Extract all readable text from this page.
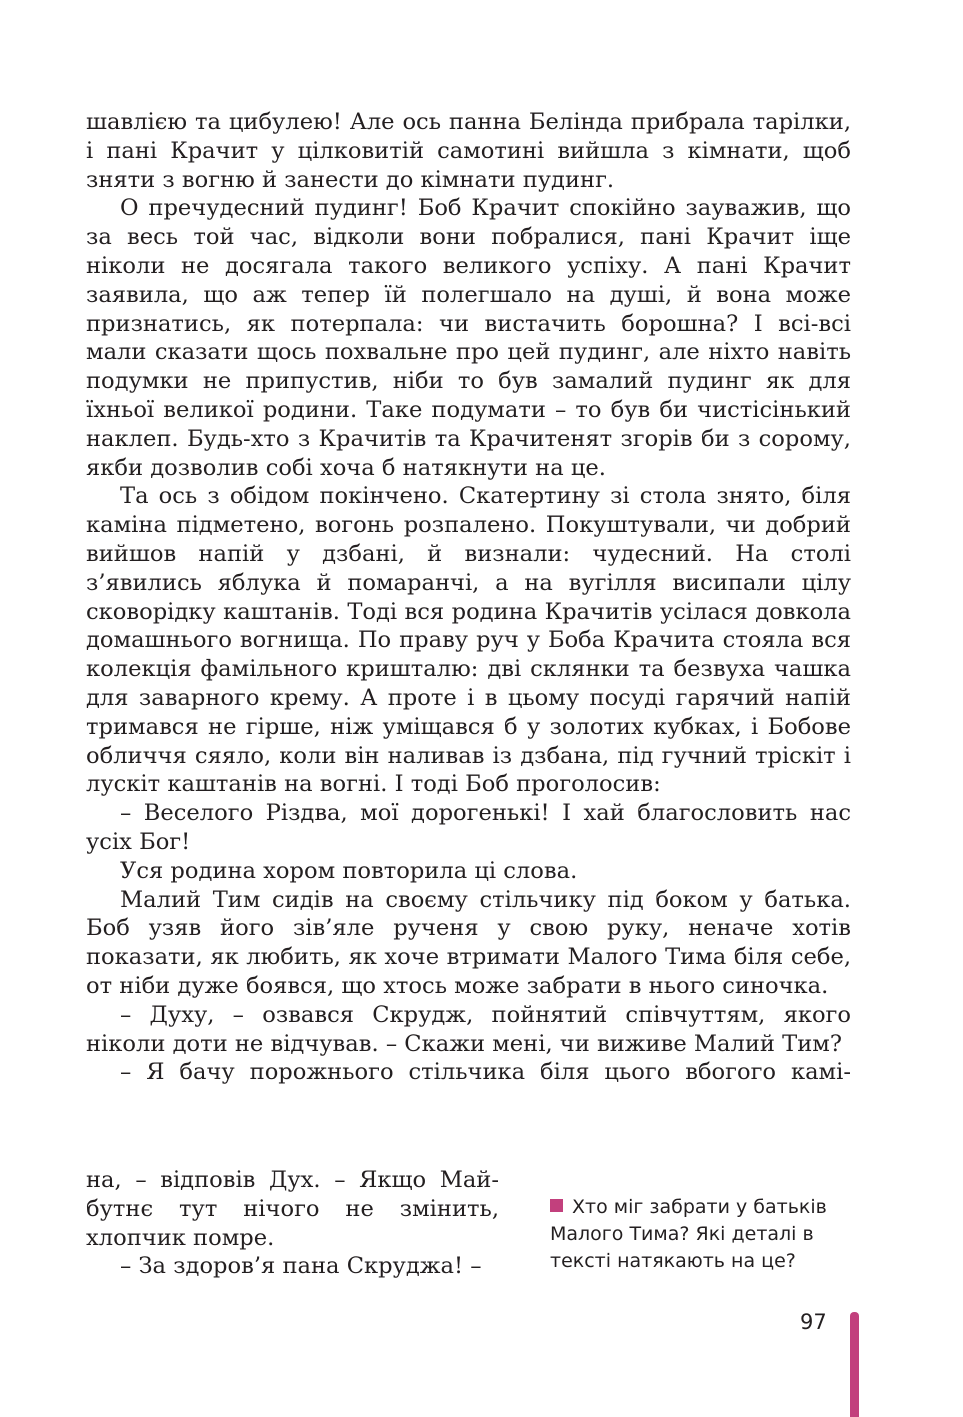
шавлією та цибулею! Але ось панна Белінда прибрала тарілки, і пані Крачит у цілковитій самотині вийшла з кімнати, щоб зняти з вогню й занести до кімнати пудинг.

О пречудесний пудинг! Боб Крачит спокійно зауважив, що за весь той час, відколи вони побралися, пані Крачит іще ніколи не досягала такого великого успіху. А пані Крачит заявила, що аж тепер їй полегшало на душі, й вона може признатись, як потерпала: чи вистачить борошна? І всі-всі мали сказати щось похвальне про цей пудинг, але ніхто навіть подумки не припустив, ніби то був замалий пудинг як для їхньої великої родини. Таке подумати – то був би чистісінький наклеп. Будь-хто з Крачитів та Крачитенят згорів би з сорому, якби дозволив собі хоча б натякнути на це.

Та ось з обідом покінчено. Скатертину зі стола знято, біля каміна підметено, вогонь розпалено. Покуштували, чи добрий вийшов напій у дзбані, й визнали: чудесний. На столі з’явились яблука й помаранчі, а на вугілля висипали цілу сковорідку каштанів. Тоді вся родина Крачитів усілася довкола домашнього вогнища. По праву руч у Боба Крачита стояла вся колекція фамільного кришталю: дві склянки та безвуха чашка для заварного крему. А проте і в цьому посуді гарячий напій тримався не гірше, ніж уміщався б у золотих кубках, і Бобове обличчя сяяло, коли він наливав із дзбана, під гучний тріскіт і лускіт каштанів на вогні. І тоді Боб проголосив:

– Веселого Різдва, мої дорогенькі! І хай благословить нас усіх Бог!

Уся родина хором повторила ці слова.

Малий Тим сидів на своєму стільчику під боком у батька. Боб узяв його зів’яле рученя у свою руку, неначе хотів показати, як любить, як хоче втримати Малого Тима біля себе, от ніби дуже боявся, що хтось може забрати в нього синочка.

– Духу, – озвався Скрудж, пойнятий співчуттям, якого ніколи доти не відчував. – Скажи мені, чи виживе Малий Тим?

– Я бачу порожнього стільчика біля цього вбогого камі-

на, – відповів Дух. – Якщо Май-

бутнє тут нічого не змінить, хлопчик помре.

– За здоров’я пана Скруджа! –

Хто міг забрати у батьків Малого Тима? Які деталі в тексті натякають на це?
97
